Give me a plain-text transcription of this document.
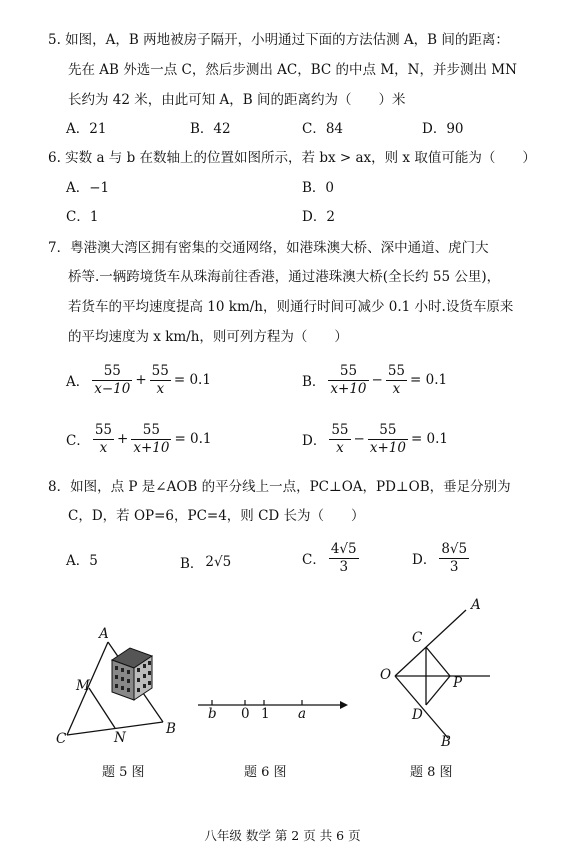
5. 如图，A，B 两地被房子隔开，小明通过下面的方法估测 A，B 间的距离：
先在 AB 外选一点 C，然后步测出 AC，BC 的中点 M，N，并步测出 MN
长约为 42 米，由此可知 A，B 间的距离约为（　　）米
A．21	B．42	C．84	D．90
6. 实数 a 与 b 在数轴上的位置如图所示，若 bx > ax，则 x 取值可能为（　　）
A．−1	B．0
C．1	D．2
7．粤港澳大湾区拥有密集的交通网络，如港珠澳大桥、深中通道、虎门大
桥等.一辆跨境货车从珠海前往香港，通过港珠澳大桥(全长约 55 公里)，
若货车的平均速度提高 10 km/h，则通行时间可减少 0.1 小时.设货车原来
的平均速度为 x km/h，则可列方程为（　　）
A． $\frac{55}{x-10} + \frac{55}{x} = 0.1$	B． $\frac{55}{x+10} - \frac{55}{x} = 0.1$
C． $\frac{55}{x} + \frac{55}{x+10} = 0.1$	D． $\frac{55}{x} - \frac{55}{x+10} = 0.1$
8．如图，点 P 是∠AOB 的平分线上一点，PC⊥OA，PD⊥OB，垂足分别为
C，D，若 OP=6，PC=4，则 CD 长为（　　）
A．5	B． 2√5	C． $\frac{4√5}{3}$	D． $\frac{8√5}{3}$
A
M
C	N
B
题 5 图
b 0 1 a
题 6 图
A
C
O	P
D
B
题 8 图
八年级 数学 第 2 页 共 6 页
